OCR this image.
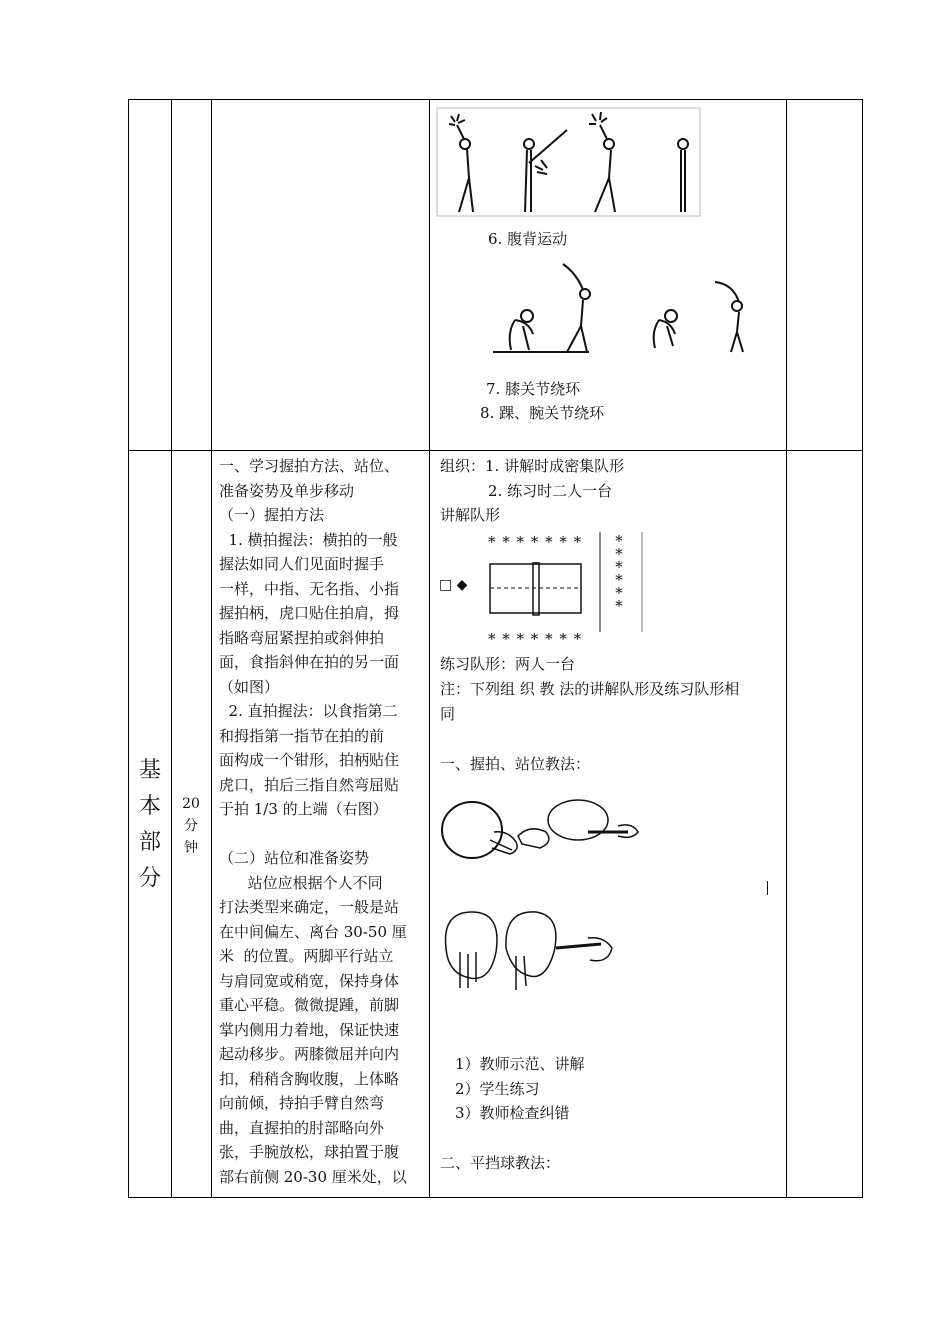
6. 腹背运动
7. 膝关节绕环
8. 踝、腕关节绕环
基
本
部
分
20
分
钟
一、学习握拍方法、站位、
准备姿势及单步移动
（一）握拍方法
1. 横拍握法：横拍的一般
握法如同人们见面时握手
一样，中指、无名指、小指
握拍柄，虎口贴住拍肩，拇
指略弯屈紧捏拍或斜伸拍
面，食指斜伸在拍的另一面
（如图）
2. 直拍握法：以食指第二
和拇指第一指节在拍的前
面构成一个钳形，拍柄贴住
虎口，拍后三指自然弯屈贴
于拍 1/3 的上端（右图）
（二）站位和准备姿势
站位应根据个人不同
打法类型来确定，一般是站
在中间偏左、离台 30-50 厘
米  的位置。两脚平行站立
与肩同宽或稍宽，保持身体
重心平稳。微微提踵，前脚
掌内侧用力着地，保证快速
起动移步。两膝微屈并向内
扣，稍稍含胸收腹，上体略
向前倾，持拍手臂自然弯
曲，直握拍的肘部略向外
张，手腕放松，球拍置于腹
部右前侧 20-30 厘米处，以
组织：1. 讲解时成密集队形
2. 练习时二人一台
讲解队形
* * * * * * *
□ ◆
*
*
*
*
*
*
* * * * * * *
练习队形：两人一台
注：下列组 织 教 法的讲解队形及练习队形相
同
一、握拍、站位教法：
1）教师示范、讲解
2）学生练习
3）教师检查纠错
二、平挡球教法：
